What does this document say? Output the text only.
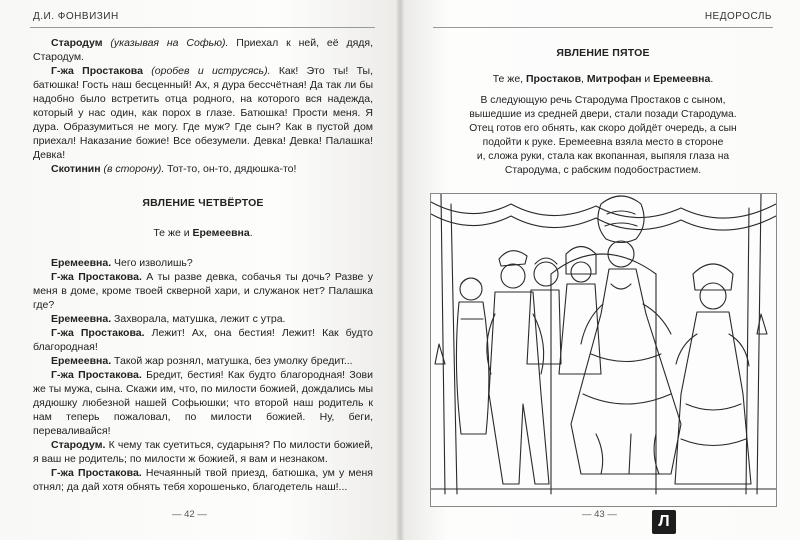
Д.И. ФОНВИЗИН	НЕДОРОСЛЬ

Стародум (указывая на Софью). Приехал к ней, её дядя, Стародум.

Г-жа Простакова (оробев и иструсясь). Как! Это ты! Ты, батюшка! Гость наш бесценный! Ах, я дура бессчётная! Да так ли бы надобно было встретить отца родного, на которого вся надежда, который у нас один, как порох в глазе. Батюшка! Прости меня. Я дура. Образумиться не могу. Где муж? Где сын? Как в пустой дом приехал! Наказание божие! Все обезумели. Девка! Девка! Палашка! Девка!

Скотинин (в сторону). Тот-то, он-то, дядюшка-то!

ЯВЛЕНИЕ ЧЕТВЁРТОЕ
Те же и Еремеевна.

Еремеевна. Чего изволишь?

Г-жа Простакова. А ты разве девка, собачья ты дочь? Разве у меня в доме, кроме твоей скверной хари, и служанок нет? Палашка где?

Еремеевна. Захворала, матушка, лежит с утра.

Г-жа Простакова. Лежит! Ах, она бестия! Лежит! Как будто благородная!

Еремеевна. Такой жар рознял, матушка, без умолку бредит...

Г-жа Простакова. Бредит, бестия! Как будто благородная! Зови же ты мужа, сына. Скажи им, что, по милости божией, дождались мы дядюшку любезной нашей Софьюшки; что второй наш родитель к нам теперь пожаловал, по милости божией. Ну, беги, переваливайся!

Стародум. К чему так суетиться, сударыня? По милости божией, я ваш не родитель; по милости ж божией, я вам и незнаком.

Г-жа Простакова. Нечаянный твой приезд, батюшка, ум у меня отнял; да дай хотя обнять тебя хорошенько, благодетель наш!...

— 42 —
ЯВЛЕНИЕ ПЯТОЕ
Те же, Простаков, Митрофан и Еремеевна.

В следующую речь Стародума Простаков с сыном,

вышедшие из средней двери, стали позади Стародума.

Отец готов его обнять, как скоро дойдёт очередь, а сын

подойти к руке. Еремеевна взяла место в стороне

и, сложа руки, стала как вкопанная, выпяля глаза на

Стародума, с рабским подобострастием.

— 43 —	Л
